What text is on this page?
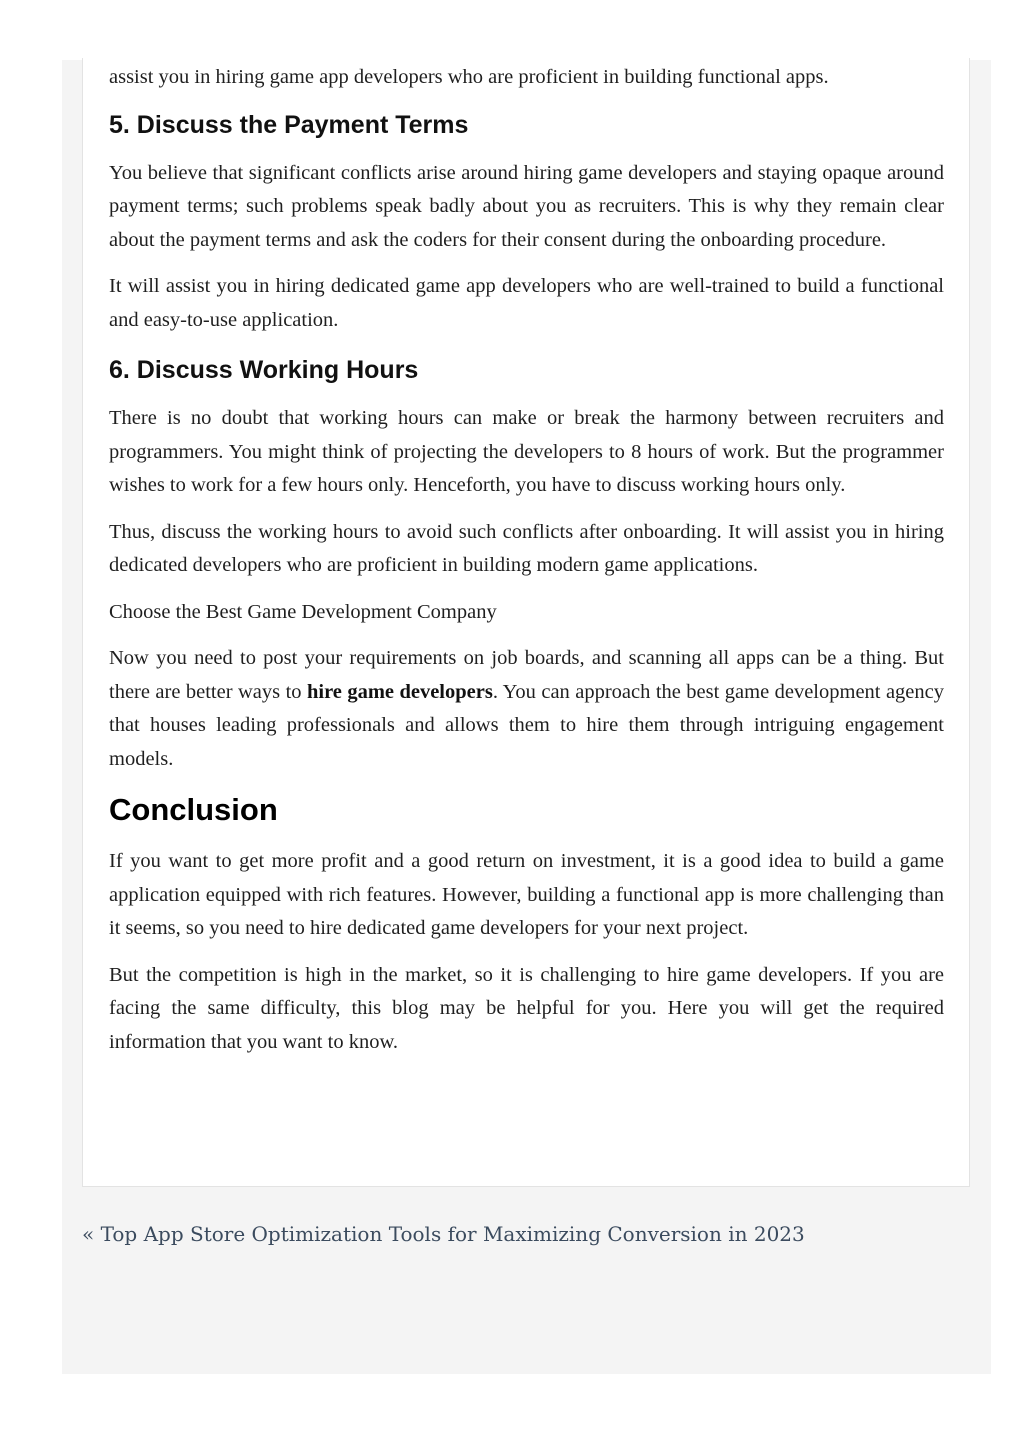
assist you in hiring game app developers who are proficient in building functional apps.

5. Discuss the Payment Terms

You believe that significant conflicts arise around hiring game developers and staying opaque around payment terms; such problems speak badly about you as recruiters. This is why they remain clear about the payment terms and ask the coders for their consent during the onboarding procedure.

It will assist you in hiring dedicated game app developers who are well-trained to build a functional and easy-to-use application.

6. Discuss Working Hours

There is no doubt that working hours can make or break the harmony between recruiters and programmers. You might think of projecting the developers to 8 hours of work. But the programmer wishes to work for a few hours only. Henceforth, you have to discuss working hours only.

Thus, discuss the working hours to avoid such conflicts after onboarding. It will assist you in hiring dedicated developers who are proficient in building modern game applications.

Choose the Best Game Development Company

Now you need to post your requirements on job boards, and scanning all apps can be a thing. But there are better ways to hire game developers. You can approach the best game development agency that houses leading professionals and allows them to hire them through intriguing engagement models.

Conclusion

If you want to get more profit and a good return on investment, it is a good idea to build a game application equipped with rich features. However, building a functional app is more challenging than it seems, so you need to hire dedicated game developers for your next project.

But the competition is high in the market, so it is challenging to hire game developers. If you are facing the same difficulty, this blog may be helpful for you. Here you will get the required information that you want to know.

« Top App Store Optimization Tools for Maximizing Conversion in 2023
